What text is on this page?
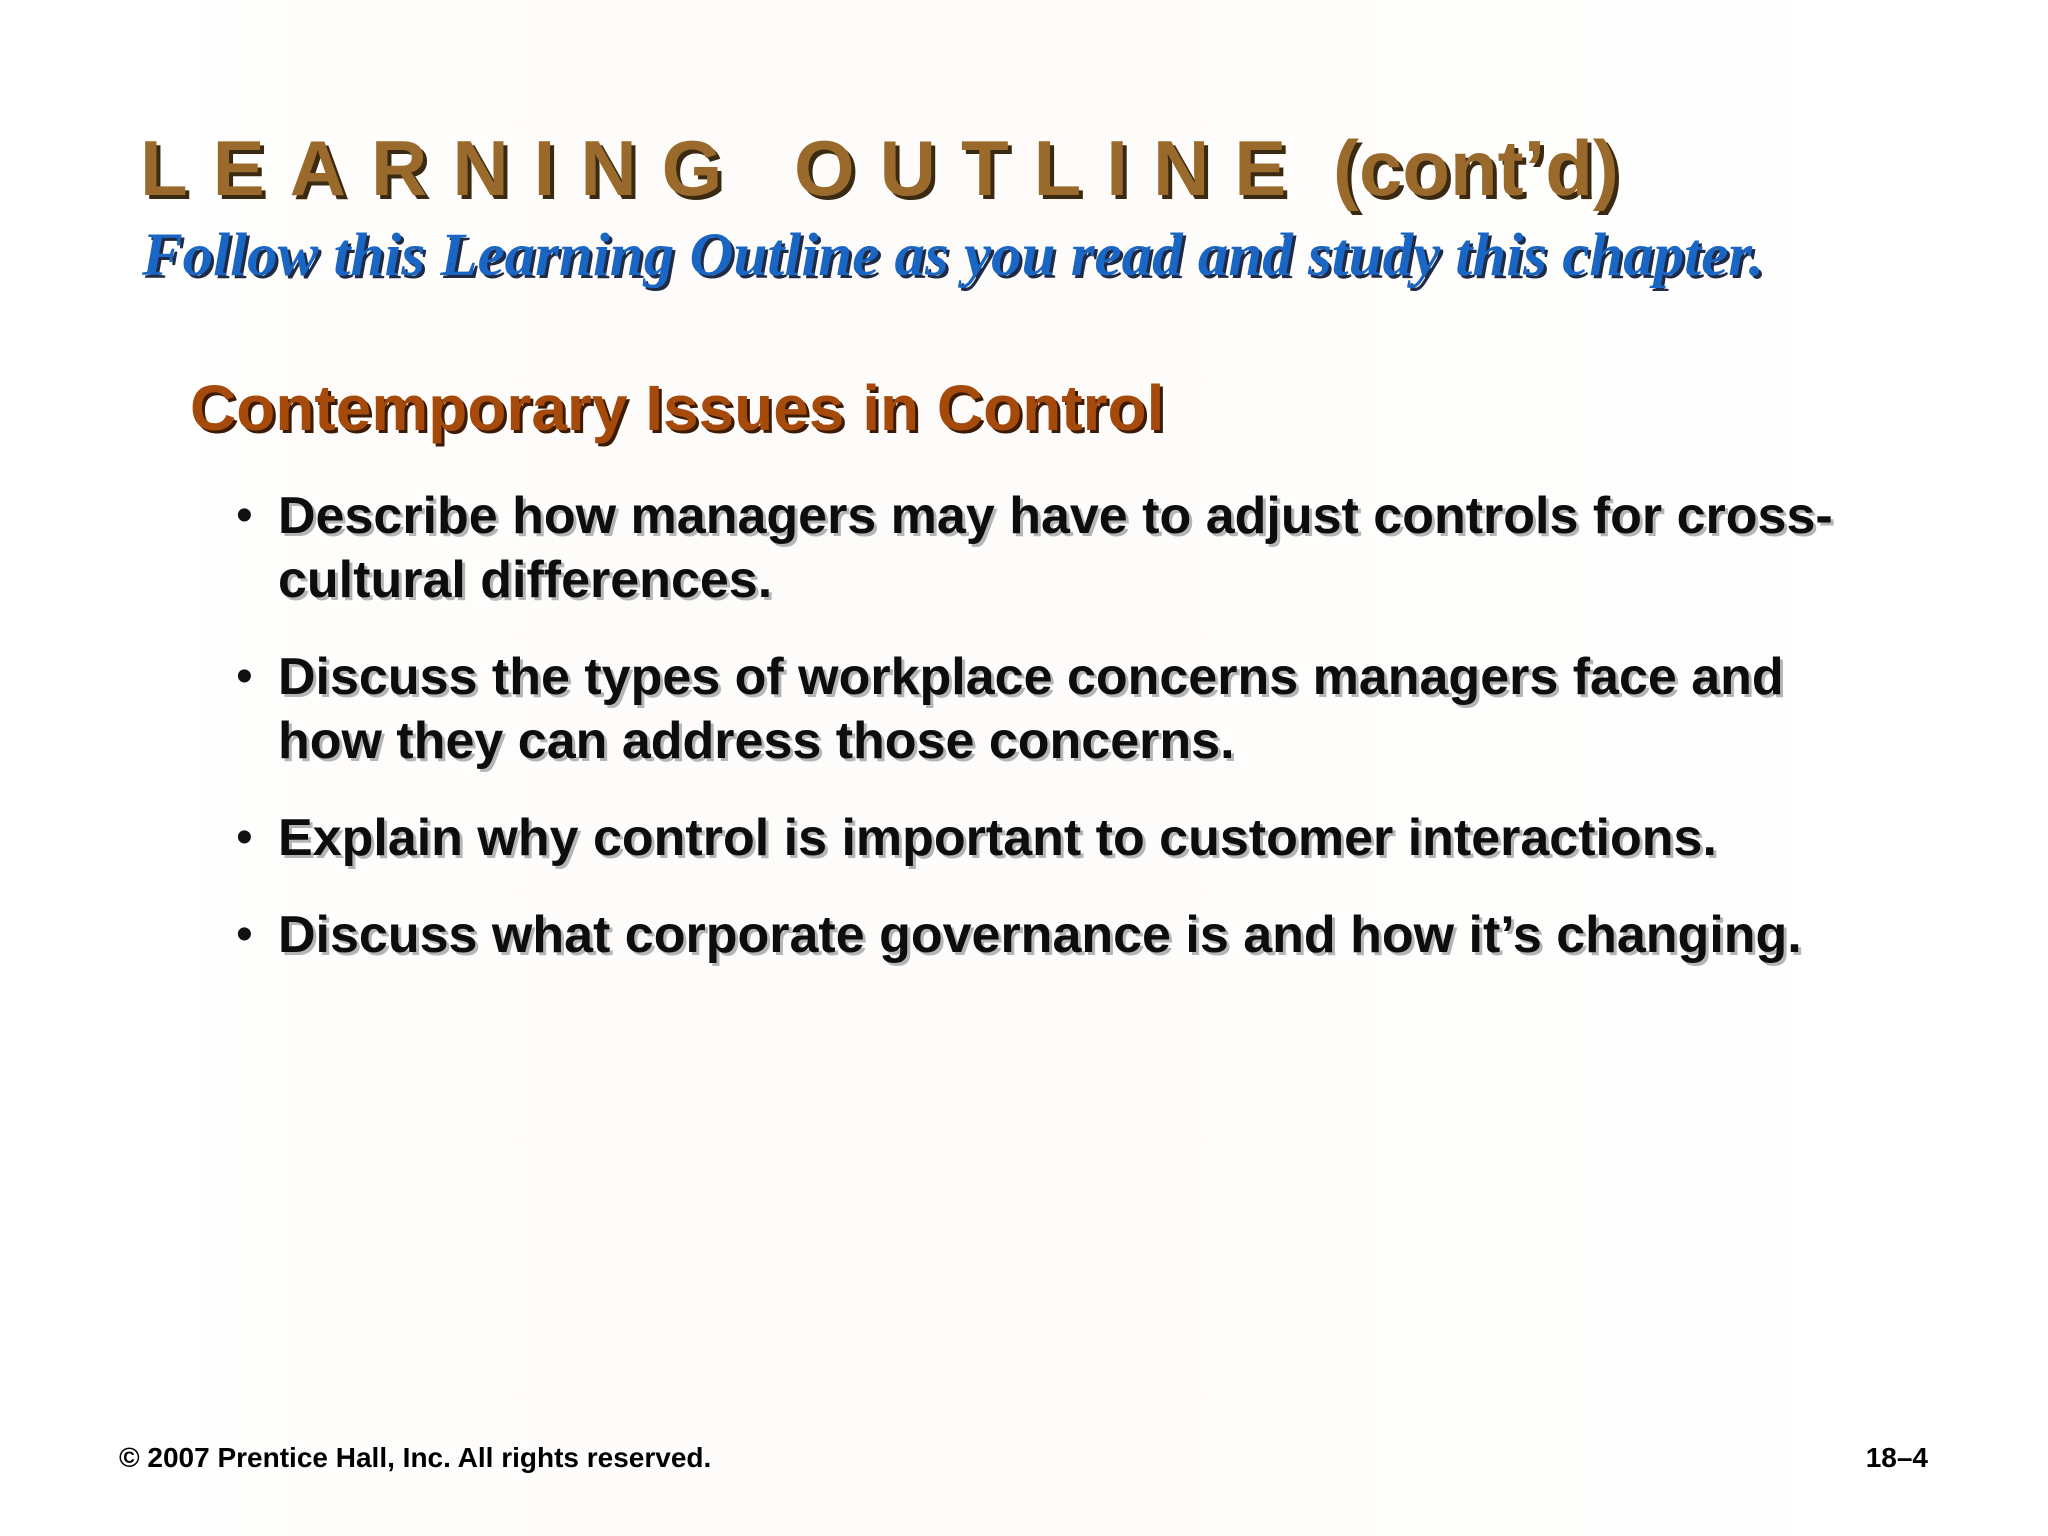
LEARNING OUTLINE (cont’d)
Follow this Learning Outline as you read and study this chapter.
Contemporary Issues in Control
• Describe how managers may have to adjust controls for cross-cultural differences.
• Discuss the types of workplace concerns managers face and how they can address those concerns.
• Explain why control is important to customer interactions.
• Discuss what corporate governance is and how it’s changing.

© 2007 Prentice Hall, Inc. All rights reserved.	18–4
